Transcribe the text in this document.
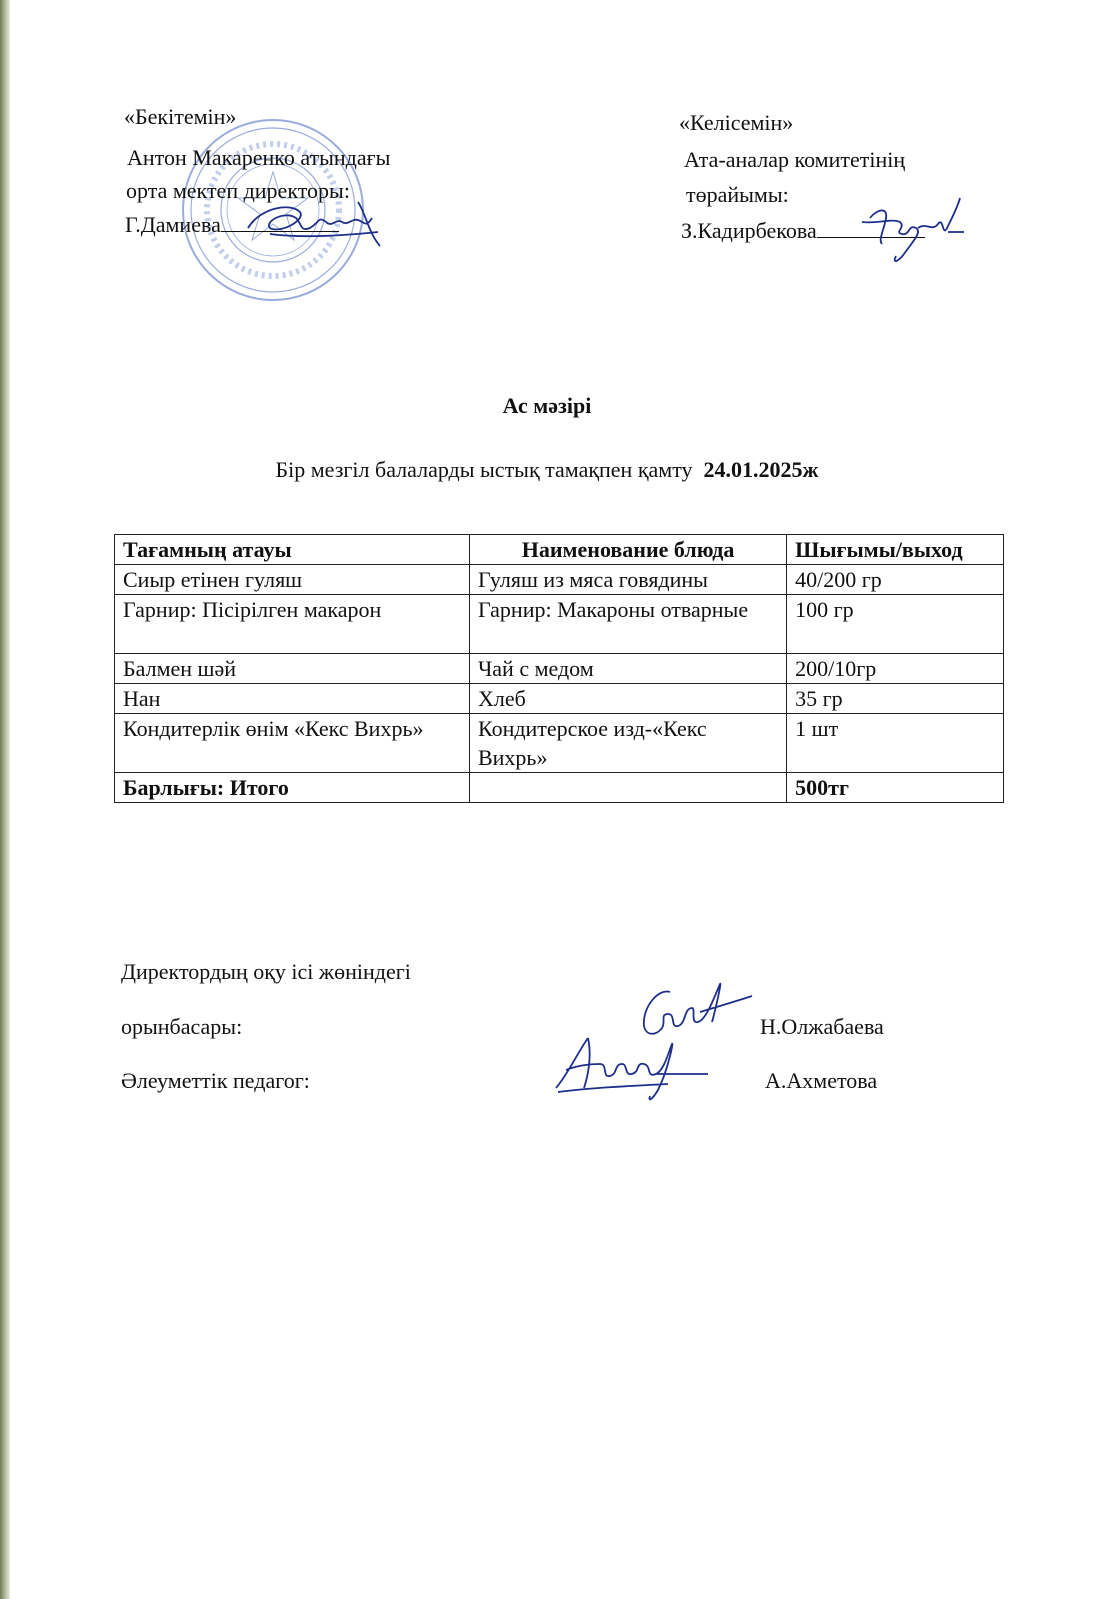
«Бекітемін»
Антон Макаренко атындағы
орта мектеп директоры:
Г.Дамиева
«Келісемін»
Ата-аналар комитетінің
төрайымы:
З.Кадирбекова
Ас мәзірі
Бір мезгіл балаларды ыстық тамақпен қамту 24.01.2025ж
Тағамның атауы	Наименование блюда	Шығымы/выход
Сиыр етінен гуляш	Гуляш из мяса говядины	40/200 гр
Гарнир: Пісірілген макарон	Гарнир: Макароны отварные	100 гр
Балмен шәй	Чай с медом	200/10гр
Нан	Хлеб	35 гр
Кондитерлік өнім «Кекс Вихрь»	Кондитерское изд-«Кекс Вихрь»	1 шт
Барлығы: Итого		500тг
Директордың оқу ісі жөніндегі
орынбасары:	Н.Олжабаева
Әлеуметтік педагог:	А.Ахметова
